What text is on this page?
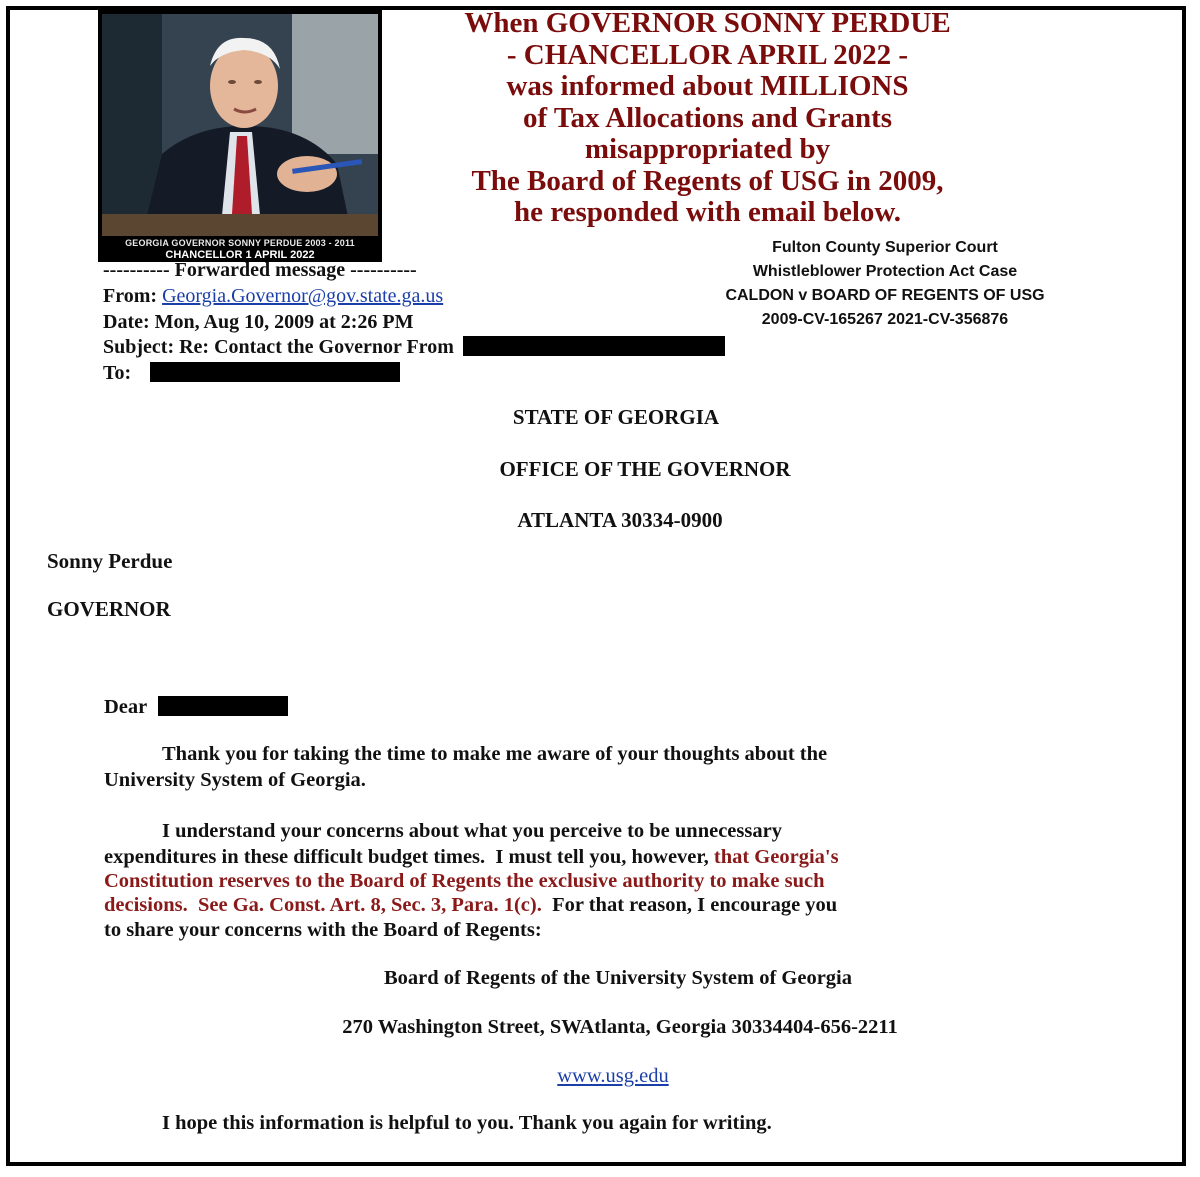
GEORGIA GOVERNOR SONNY PERDUE 2003 - 2011
CHANCELLOR 1 APRIL 2022
When GOVERNOR SONNY PERDUE
- CHANCELLOR APRIL 2022 -
was informed about MILLIONS
of Tax Allocations and Grants
misappropriated by
The Board of Regents of USG in 2009,
he responded with email below.
Fulton County Superior Court
Whistleblower Protection Act Case
CALDON v BOARD OF REGENTS OF USG
2009-CV-165267 2021-CV-356876
---------- Forwarded message ----------
From: Georgia.Governor@gov.state.ga.us
Date: Mon, Aug 10, 2009 at 2:26 PM
Subject: Re: Contact the Governor From
To:
STATE OF GEORGIA
OFFICE OF THE GOVERNOR
ATLANTA 30334-0900
Sonny Perdue
GOVERNOR
Dear
Thank you for taking the time to make me aware of your thoughts about the
University System of Georgia.
I understand your concerns about what you perceive to be unnecessary
expenditures in these difficult budget times.  I must tell you, however, that Georgia's
Constitution reserves to the Board of Regents the exclusive authority to make such
decisions.  See Ga. Const. Art. 8, Sec. 3, Para. 1(c).  For that reason, I encourage you
to share your concerns with the Board of Regents:
Board of Regents of the University System of Georgia
270 Washington Street, SWAtlanta, Georgia 30334404-656-2211
www.usg.edu
I hope this information is helpful to you. Thank you again for writing.
